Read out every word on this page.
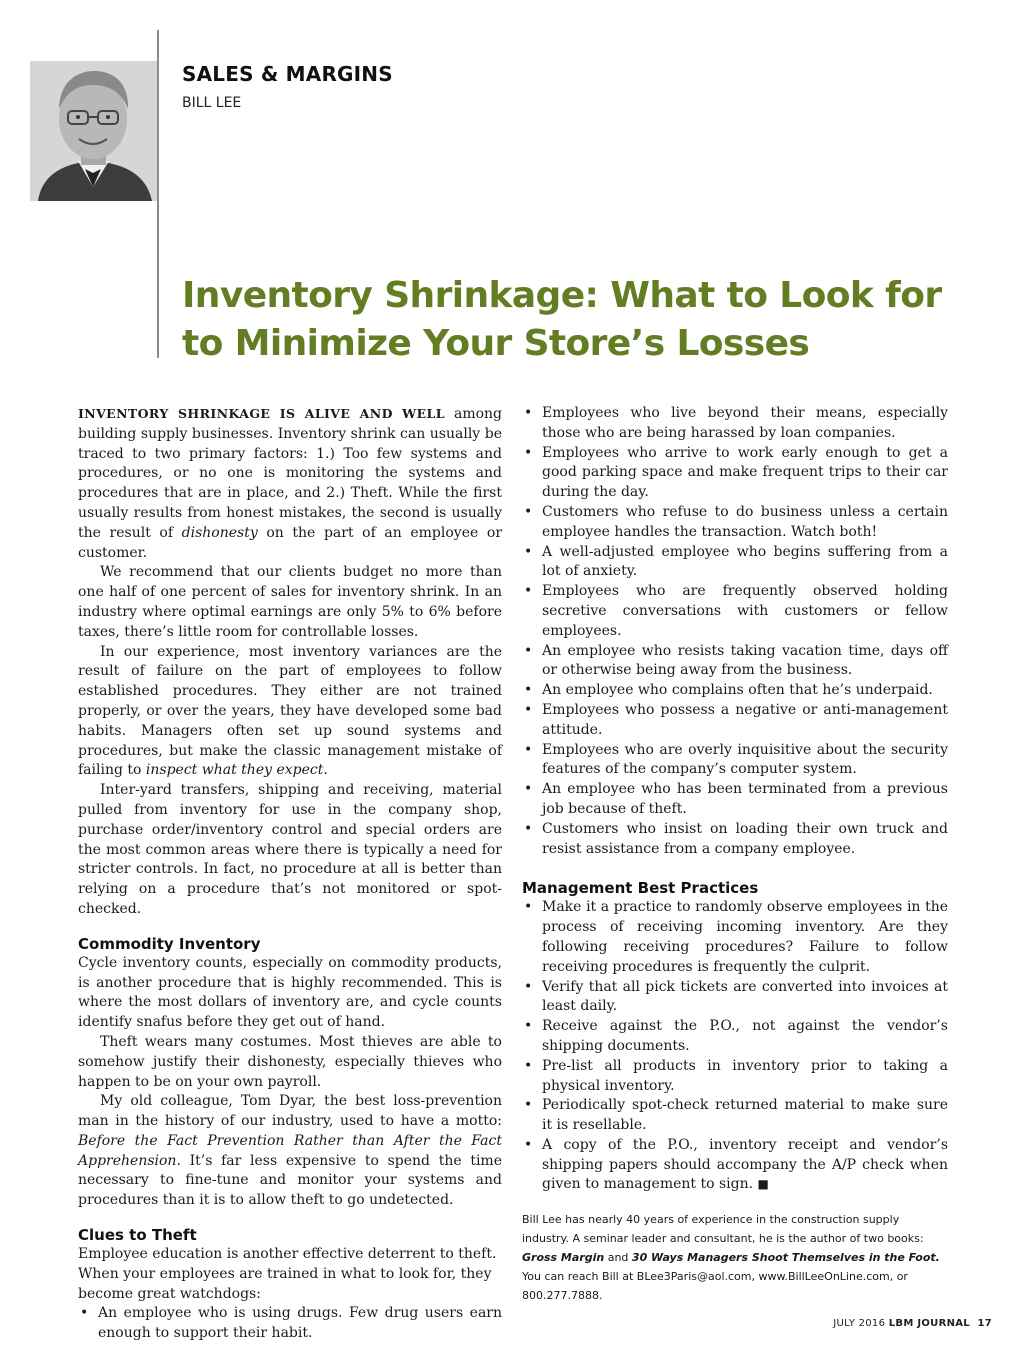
SALES & MARGINS
BILL LEE
Inventory Shrinkage: What to Look for
to Minimize Your Store’s Losses

INVENTORY SHRINKAGE IS ALIVE AND WELL among building supply businesses. Inventory shrink can usually be traced to two primary factors: 1.) Too few systems and procedures, or no one is monitoring the systems and procedures that are in place, and 2.) Theft. While the first usually results from honest mistakes, the second is usually the result of dishonesty on the part of an employee or customer.

We recommend that our clients budget no more than one half of one percent of sales for inventory shrink. In an industry where optimal earnings are only 5% to 6% before taxes, there’s little room for controllable losses.

In our experience, most inventory variances are the result of failure on the part of employees to follow established procedures. They either are not trained properly, or over the years, they have developed some bad habits. Managers often set up sound systems and procedures, but make the classic management mistake of failing to inspect what they expect.

Inter-yard transfers, shipping and receiving, material pulled from inventory for use in the company shop, purchase order/inventory control and special orders are the most common areas where there is typically a need for stricter controls. In fact, no procedure at all is better than relying on a procedure that’s not monitored or spot-checked.

Commodity Inventory

Cycle inventory counts, especially on commodity products, is another procedure that is highly recommended. This is where the most dollars of inventory are, and cycle counts identify snafus before they get out of hand.

Theft wears many costumes. Most thieves are able to somehow justify their dishonesty, especially thieves who happen to be on your own payroll.

My old colleague, Tom Dyar, the best loss-prevention man in the history of our industry, used to have a motto: Before the Fact Prevention Rather than After the Fact Apprehension. It’s far less expensive to spend the time necessary to fine-tune and monitor your systems and procedures than it is to allow theft to go undetected.

Clues to Theft

Employee education is another effective deterrent to theft. When your employees are trained in what to look for, they become great watchdogs:

• An employee who is using drugs. Few drug users earn enough to support their habit.
• Employees who live beyond their means, especially those who are being harassed by loan companies.
• Employees who arrive to work early enough to get a good parking space and make frequent trips to their car during the day.
• Customers who refuse to do business unless a certain employee handles the transaction. Watch both!
• A well-adjusted employee who begins suffering from a lot of anxiety.
• Employees who are frequently observed holding secretive conversations with customers or fellow employees.
• An employee who resists taking vacation time, days off or otherwise being away from the business.
• An employee who complains often that he’s underpaid.
• Employees who possess a negative or anti-management attitude.
• Employees who are overly inquisitive about the security features of the company’s computer system.
• An employee who has been terminated from a previous job because of theft.
• Customers who insist on loading their own truck and resist assistance from a company employee.
Management Best Practices
• Make it a practice to randomly observe employees in the process of receiving incoming inventory. Are they following receiving procedures? Failure to follow receiving procedures is frequently the culprit.
• Verify that all pick tickets are converted into invoices at least daily.
• Receive against the P.O., not against the vendor’s shipping documents.
• Pre-list all products in inventory prior to taking a physical inventory.
• Periodically spot-check returned material to make sure it is resellable.
• A copy of the P.O., inventory receipt and vendor’s shipping papers should accompany the A/P check when given to management to sign. ■
Bill Lee has nearly 40 years of experience in the construction supply industry. A seminar leader and consultant, he is the author of two books: Gross Margin and 30 Ways Managers Shoot Themselves in the Foot. You can reach Bill at BLee3Paris@aol.com, www.BillLeeOnLine.com, or 800.277.7888.
JULY 2016 LBM JOURNAL 17
